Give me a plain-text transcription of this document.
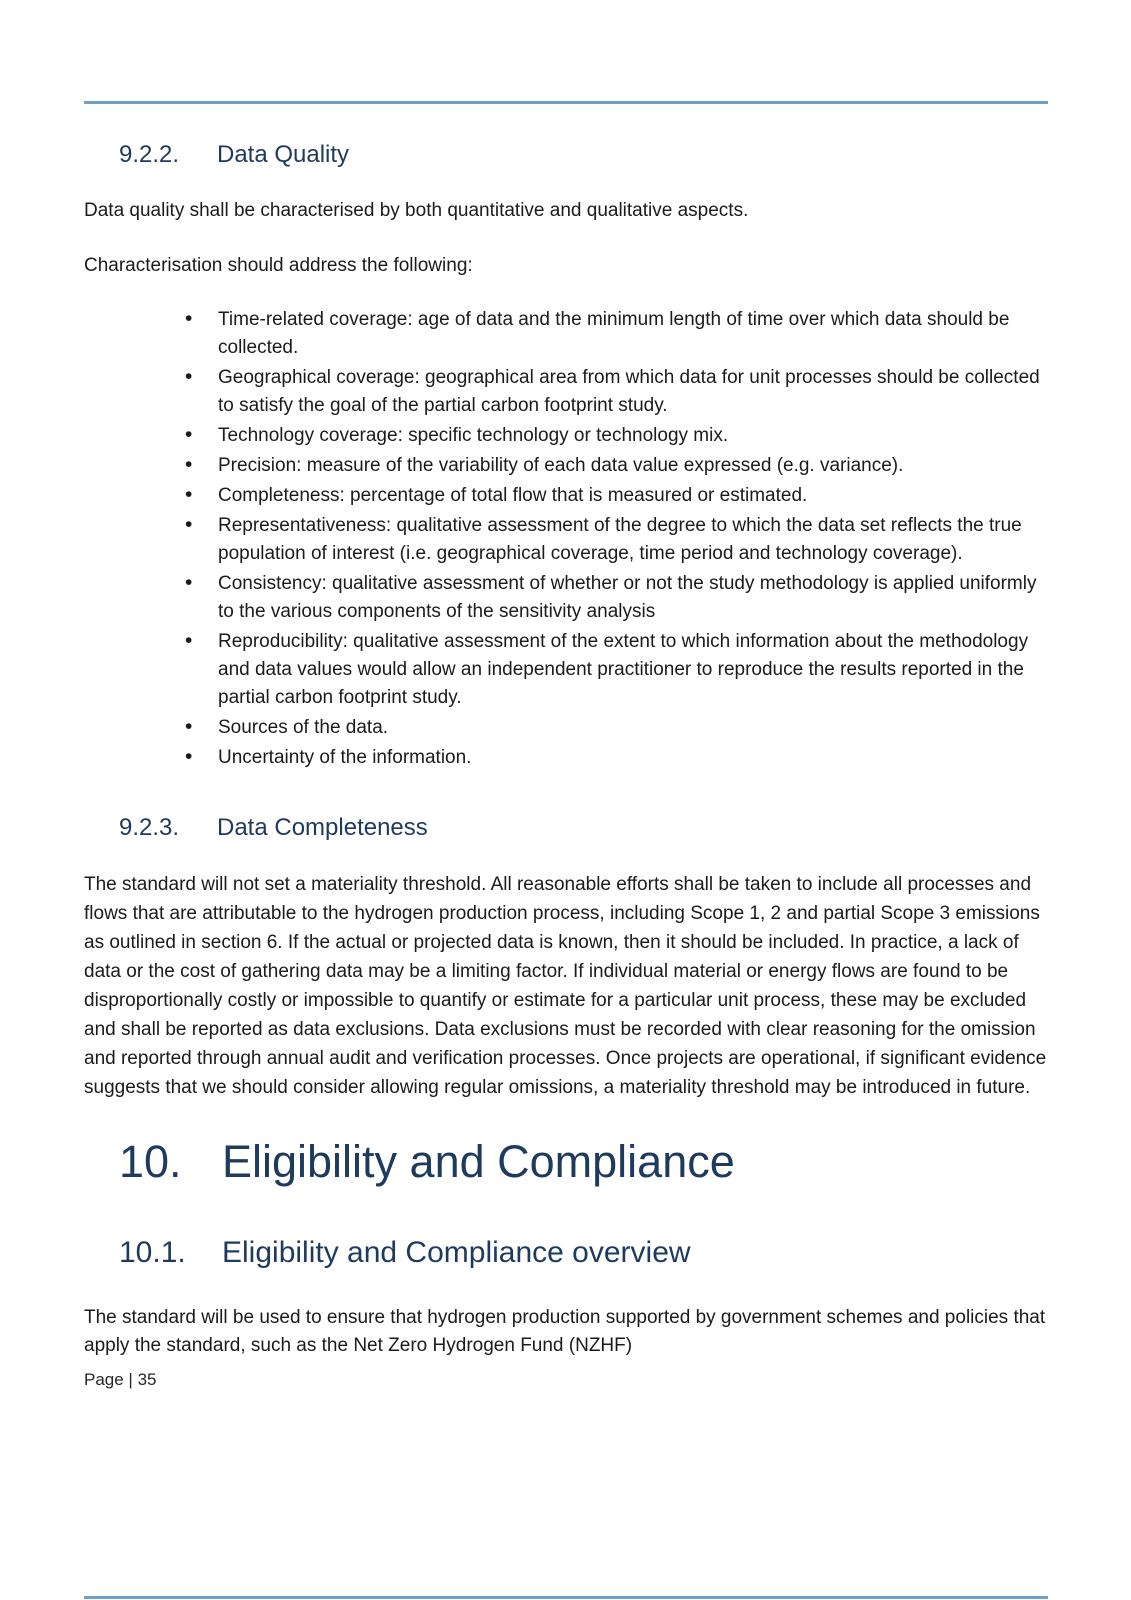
9.2.2.	Data Quality

Data quality shall be characterised by both quantitative and qualitative aspects.

Characterisation should address the following:

• Time-related coverage: age of data and the minimum length of time over which data should be collected.
• Geographical coverage: geographical area from which data for unit processes should be collected to satisfy the goal of the partial carbon footprint study.
• Technology coverage: specific technology or technology mix.
• Precision: measure of the variability of each data value expressed (e.g. variance).
• Completeness: percentage of total flow that is measured or estimated.
• Representativeness: qualitative assessment of the degree to which the data set reflects the true population of interest (i.e. geographical coverage, time period and technology coverage).
• Consistency: qualitative assessment of whether or not the study methodology is applied uniformly to the various components of the sensitivity analysis
• Reproducibility: qualitative assessment of the extent to which information about the methodology and data values would allow an independent practitioner to reproduce the results reported in the partial carbon footprint study.
• Sources of the data.
• Uncertainty of the information.
9.2.3.	Data Completeness

The standard will not set a materiality threshold. All reasonable efforts shall be taken to include all processes and flows that are attributable to the hydrogen production process, including Scope 1, 2 and partial Scope 3 emissions as outlined in section 6. If the actual or projected data is known, then it should be included. In practice, a lack of data or the cost of gathering data may be a limiting factor. If individual material or energy flows are found to be disproportionally costly or impossible to quantify or estimate for a particular unit process, these may be excluded and shall be reported as data exclusions. Data exclusions must be recorded with clear reasoning for the omission and reported through annual audit and verification processes. Once projects are operational, if significant evidence suggests that we should consider allowing regular omissions, a materiality threshold may be introduced in future.

10. Eligibility and Compliance
10.1.	Eligibility and Compliance overview

The standard will be used to ensure that hydrogen production supported by government schemes and policies that apply the standard, such as the Net Zero Hydrogen Fund (NZHF)

Page | 35
